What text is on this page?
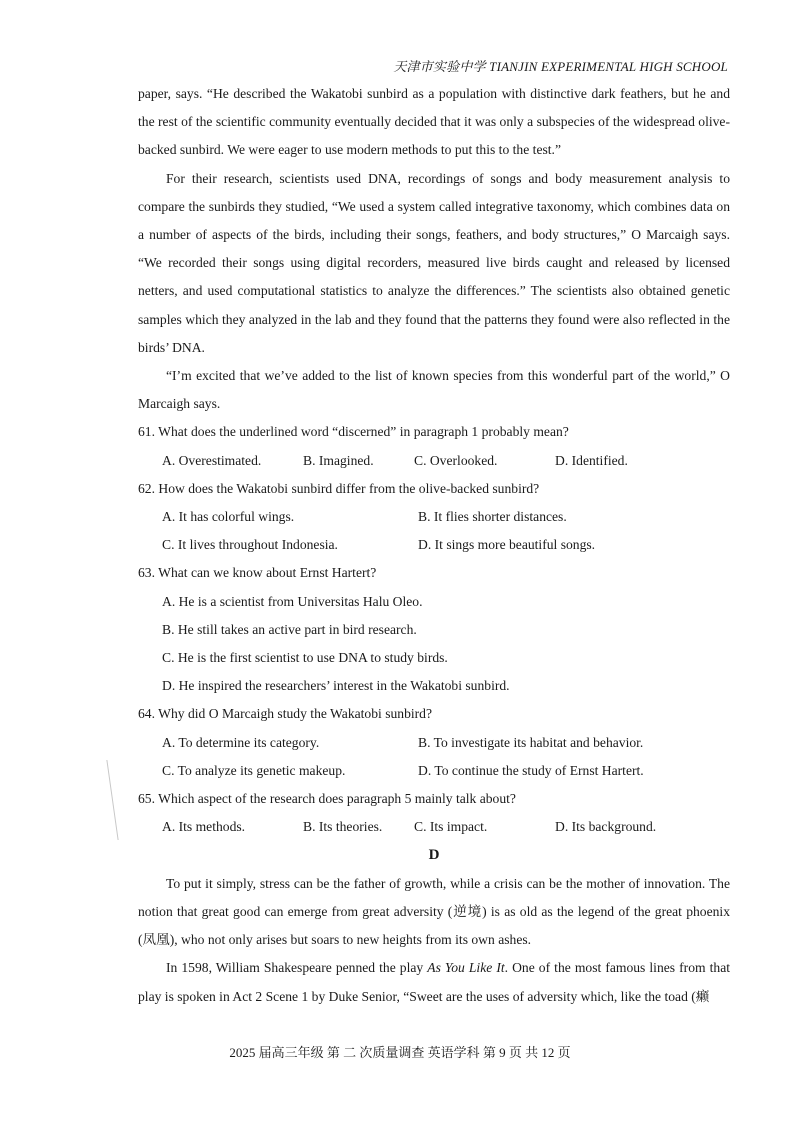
天津市实验中学 TIANJIN EXPERIMENTAL HIGH SCHOOL

paper, says. “He described the Wakatobi sunbird as a population with distinctive dark feathers, but he and the rest of the scientific community eventually decided that it was only a subspecies of the widespread olive-backed sunbird. We were eager to use modern methods to put this to the test.”

For their research, scientists used DNA, recordings of songs and body measurement analysis to compare the sunbirds they studied, “We used a system called integrative taxonomy, which combines data on a number of aspects of the birds, including their songs, feathers, and body structures,” O Marcaigh says. “We recorded their songs using digital recorders, measured live birds caught and released by licensed netters, and used computational statistics to analyze the differences.” The scientists also obtained genetic samples which they analyzed in the lab and they found that the patterns they found were also reflected in the birds’ DNA.

“I’m excited that we’ve added to the list of known species from this wonderful part of the world,” O Marcaigh says.

61. What does the underlined word “discerned” in paragraph 1 probably mean?

A. Overestimated.	B. Imagined.	C. Overlooked.	D. Identified.

62. How does the Wakatobi sunbird differ from the olive-backed sunbird?

A. It has colorful wings.	B. It flies shorter distances.
C. It lives throughout Indonesia.	D. It sings more beautiful songs.

63. What can we know about Ernst Hartert?

A. He is a scientist from Universitas Halu Oleo.
B. He still takes an active part in bird research.
C. He is the first scientist to use DNA to study birds.
D. He inspired the researchers’ interest in the Wakatobi sunbird.

64. Why did O Marcaigh study the Wakatobi sunbird?

A. To determine its category.	B. To investigate its habitat and behavior.
C. To analyze its genetic makeup.	D. To continue the study of Ernst Hartert.

65. Which aspect of the research does paragraph 5 mainly talk about?

A. Its methods.	B. Its theories.	C. Its impact.	D. Its background.

D

To put it simply, stress can be the father of growth, while a crisis can be the mother of innovation. The notion that great good can emerge from great adversity (逆境) is as old as the legend of the great phoenix (凤凰), who not only arises but soars to new heights from its own ashes.

In 1598, William Shakespeare penned the play As You Like It. One of the most famous lines from that play is spoken in Act 2 Scene 1 by Duke Senior, “Sweet are the uses of adversity which, like the toad (癞

2025 届高三年级 第 二 次质量调查 英语学科 第 9 页 共 12 页
